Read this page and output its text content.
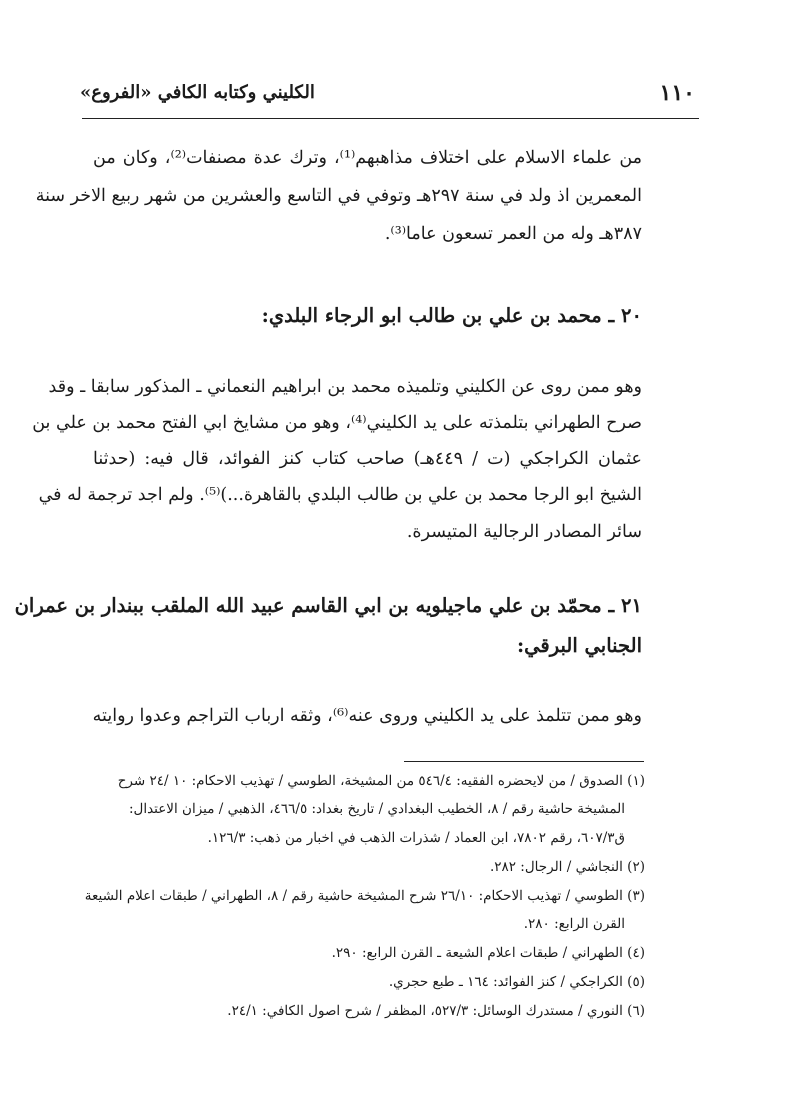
١١٠
الكليني وكتابه الكافي «الفروع»
من علماء الاسلام على اختلاف مذاهبهم⁽¹⁾، وترك عدة مصنفات⁽²⁾، وكان من
المعمرين اذ ولد في سنة ٢٩٧هـ وتوفي في التاسع والعشرين من شهر ربيع الاخر سنة
٣٨٧هـ وله من العمر تسعون عاما⁽³⁾.
٢٠ ـ محمد بن علي بن طالب ابو الرجاء البلدي:
وهو ممن روى عن الكليني وتلميذه محمد بن ابراهيم النعماني ـ المذكور سابقا ـ وقد
صرح الطهراني بتلمذته على يد الكليني⁽⁴⁾، وهو من مشايخ ابي الفتح محمد بن علي بن
عثمان الكراجكي (ت / ٤٤٩هـ) صاحب كتاب كنز الفوائد، قال فيه: (حدثنا
الشيخ ابو الرجا محمد بن علي بن طالب البلدي بالقاهرة...)⁽⁵⁾. ولم اجد ترجمة له في
سائر المصادر الرجالية المتيسرة.
٢١ ـ محمّد بن علي ماجيلويه بن ابي القاسم عبيد الله الملقب ببندار بن عمران
الجنابي البرقي:
وهو ممن تتلمذ على يد الكليني وروى عنه⁽⁶⁾، وثقه ارباب التراجم وعدوا روايته
(١) الصدوق / من لايحضره الفقيه: ٥٤٦/٤ من المشيخة، الطوسي / تهذيب الاحكام: ١٠ /٢٤ شرح
المشيخة حاشية رقم / ٨، الخطيب البغدادي / تاريخ بغداد: ٤٦٦/٥، الذهبي / ميزان الاعتدال:
ق٦٠٧/٣، رقم ٧٨٠٢، ابن العماد / شذرات الذهب في اخبار من ذهب: ١٢٦/٣.
(٢) النجاشي / الرجال: ٢٨٢.
(٣) الطوسي / تهذيب الاحكام: ٢٦/١٠ شرح المشيخة حاشية رقم / ٨، الطهراني / طبقات اعلام الشيعة
القرن الرابع: ٢٨٠.
(٤) الطهراني / طبقات اعلام الشيعة ـ القرن الرابع: ٢٩٠.
(٥) الكراجكي / كنز الفوائد: ١٦٤ ـ طبع حجري.
(٦) النوري / مستدرك الوسائل: ٥٢٧/٣، المظفر / شرح اصول الكافي: ٢٤/١.
